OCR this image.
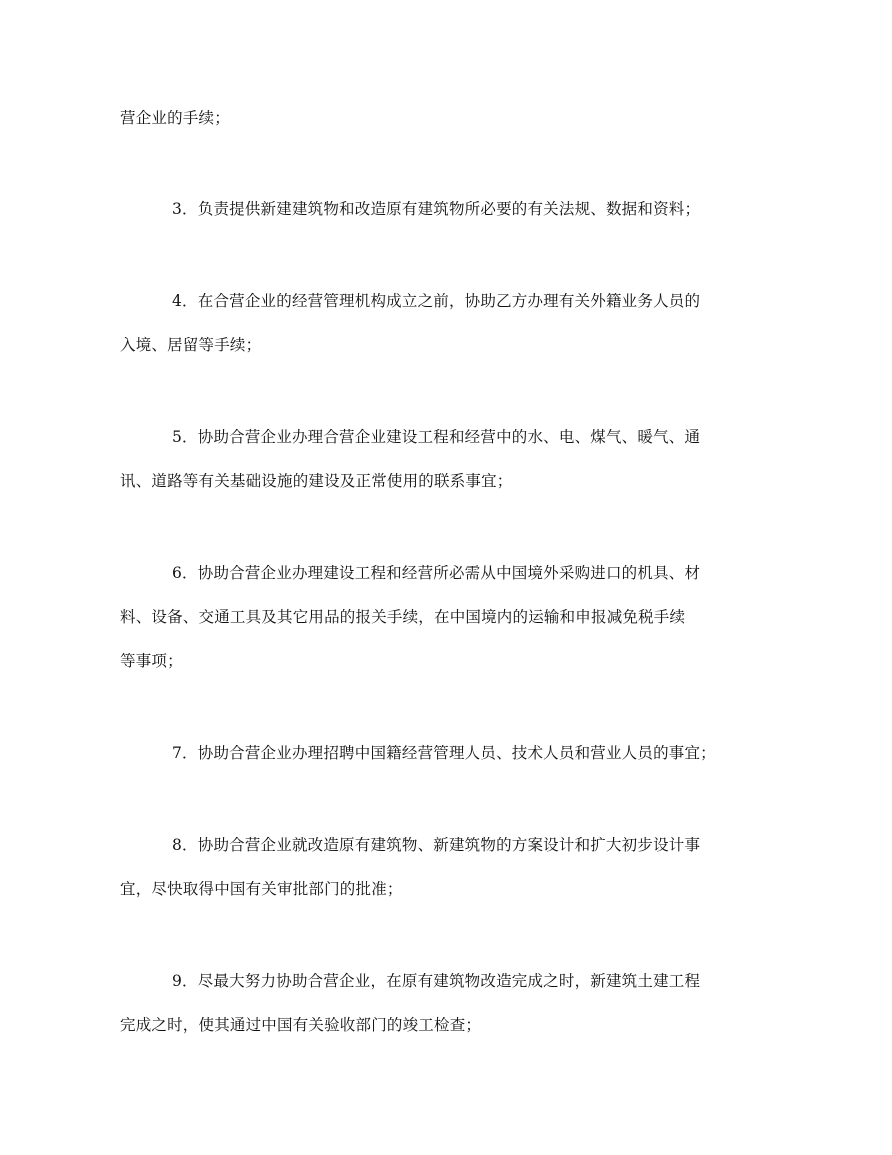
营企业的手续；
3．负责提供新建建筑物和改造原有建筑物所必要的有关法规、数据和资料；
4．在合营企业的经营管理机构成立之前，协助乙方办理有关外籍业务人员的
入境、居留等手续；
5．协助合营企业办理合营企业建设工程和经营中的水、电、煤气、暖气、通
讯、道路等有关基础设施的建设及正常使用的联系事宜；
6．协助合营企业办理建设工程和经营所必需从中国境外采购进口的机具、材
料、设备、交通工具及其它用品的报关手续，在中国境内的运输和申报减免税手续
等事项；
7．协助合营企业办理招聘中国籍经营管理人员、技术人员和营业人员的事宜；
8．协助合营企业就改造原有建筑物、新建筑物的方案设计和扩大初步设计事
宜，尽快取得中国有关审批部门的批准；
9．尽最大努力协助合营企业，在原有建筑物改造完成之时，新建筑土建工程
完成之时，使其通过中国有关验收部门的竣工检查；
